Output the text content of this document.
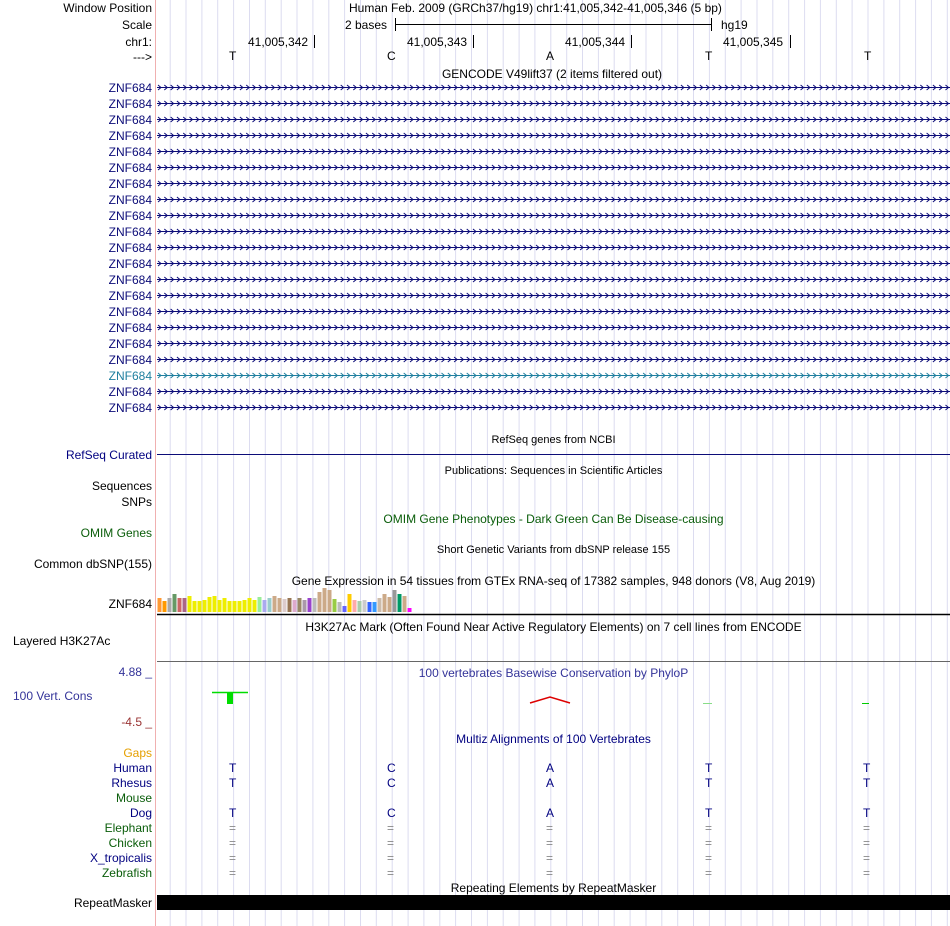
Window Position	Human Feb. 2009 (GRCh37/hg19) chr1:41,005,342-41,005,346 (5 bp)
Scale	2 bases	hg19
chr1:	41,005,342	41,005,343	41,005,344	41,005,345
--->	T	C	A	T	T
GENCODE V49lift37 (2 items filtered out)
ZNF684
ZNF684
ZNF684
ZNF684
ZNF684
ZNF684
ZNF684
ZNF684
ZNF684
ZNF684
ZNF684
ZNF684
ZNF684
ZNF684
ZNF684
ZNF684
ZNF684
ZNF684
ZNF684
ZNF684
ZNF684
RefSeq genes from NCBI
RefSeq Curated
Publications: Sequences in Scientific Articles
Sequences
SNPs
OMIM Gene Phenotypes - Dark Green Can Be Disease-causing
OMIM Genes
Short Genetic Variants from dbSNP release 155
Common dbSNP(155)
Gene Expression in 54 tissues from GTEx RNA-seq of 17382 samples, 948 donors (V8, Aug 2019)
ZNF684
H3K27Ac Mark (Often Found Near Active Regulatory Elements) on 7 cell lines from ENCODE
Layered H3K27Ac
100 vertebrates Basewise Conservation by PhyloP
4.88 _
100 Vert. Cons
-4.5 _
Multiz Alignments of 100 Vertebrates
Gaps
Human	T	C	A	T	T
Rhesus	T	C	A	T	T
Mouse
Dog	T	C	A	T	T
Elephant	=	=	=	=	=
Chicken	=	=	=	=	=
X_tropicalis	=	=	=	=	=
Zebrafish	=	=	=	=	=
Repeating Elements by RepeatMasker
RepeatMasker
